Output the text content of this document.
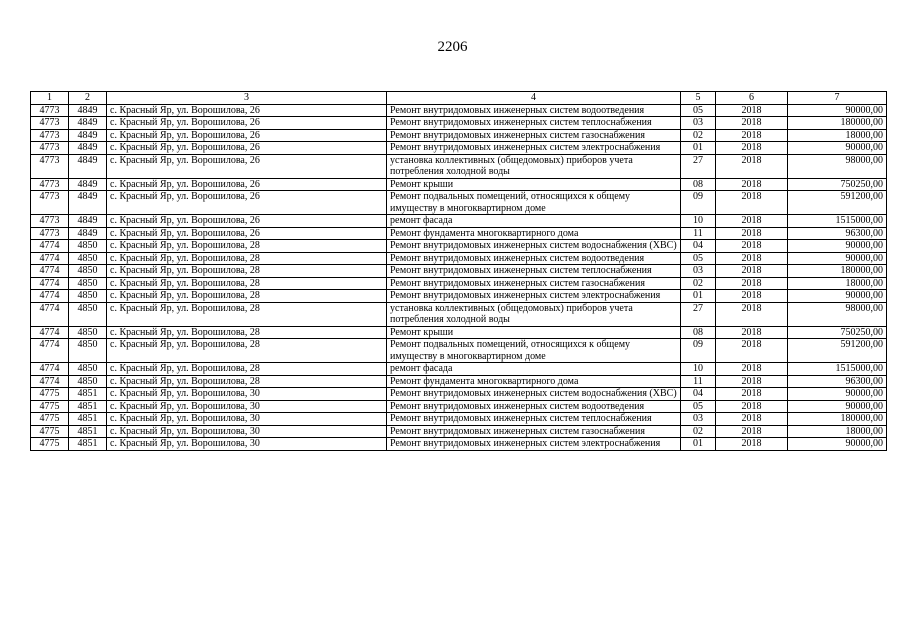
2206
1	2	3	4	5	6	7
4773	4849	с. Красный Яр, ул. Ворошилова, 26	Ремонт внутридомовых инженерных систем водоотведения	05	2018	90000,00
4773	4849	с. Красный Яр, ул. Ворошилова, 26	Ремонт внутридомовых инженерных систем теплоснабжения	03	2018	180000,00
4773	4849	с. Красный Яр, ул. Ворошилова, 26	Ремонт внутридомовых инженерных систем газоснабжения	02	2018	18000,00
4773	4849	с. Красный Яр, ул. Ворошилова, 26	Ремонт внутридомовых инженерных систем электроснабжения	01	2018	90000,00
4773	4849	с. Красный Яр, ул. Ворошилова, 26	установка коллективных (общедомовых) приборов учета потребления холодной воды	27	2018	98000,00
4773	4849	с. Красный Яр, ул. Ворошилова, 26	Ремонт крыши	08	2018	750250,00
4773	4849	с. Красный Яр, ул. Ворошилова, 26	Ремонт подвальных помещений, относящихся к общему имуществу в многоквартирном доме	09	2018	591200,00
4773	4849	с. Красный Яр, ул. Ворошилова, 26	ремонт фасада	10	2018	1515000,00
4773	4849	с. Красный Яр, ул. Ворошилова, 26	Ремонт фундамента многоквартирного дома	11	2018	96300,00
4774	4850	с. Красный Яр, ул. Ворошилова, 28	Ремонт внутридомовых инженерных систем водоснабжения (ХВС)	04	2018	90000,00
4774	4850	с. Красный Яр, ул. Ворошилова, 28	Ремонт внутридомовых инженерных систем водоотведения	05	2018	90000,00
4774	4850	с. Красный Яр, ул. Ворошилова, 28	Ремонт внутридомовых инженерных систем теплоснабжения	03	2018	180000,00
4774	4850	с. Красный Яр, ул. Ворошилова, 28	Ремонт внутридомовых инженерных систем газоснабжения	02	2018	18000,00
4774	4850	с. Красный Яр, ул. Ворошилова, 28	Ремонт внутридомовых инженерных систем электроснабжения	01	2018	90000,00
4774	4850	с. Красный Яр, ул. Ворошилова, 28	установка коллективных (общедомовых) приборов учета потребления холодной воды	27	2018	98000,00
4774	4850	с. Красный Яр, ул. Ворошилова, 28	Ремонт крыши	08	2018	750250,00
4774	4850	с. Красный Яр, ул. Ворошилова, 28	Ремонт подвальных помещений, относящихся к общему имуществу в многоквартирном доме	09	2018	591200,00
4774	4850	с. Красный Яр, ул. Ворошилова, 28	ремонт фасада	10	2018	1515000,00
4774	4850	с. Красный Яр, ул. Ворошилова, 28	Ремонт фундамента многоквартирного дома	11	2018	96300,00
4775	4851	с. Красный Яр, ул. Ворошилова, 30	Ремонт внутридомовых инженерных систем водоснабжения (ХВС)	04	2018	90000,00
4775	4851	с. Красный Яр, ул. Ворошилова, 30	Ремонт внутридомовых инженерных систем водоотведения	05	2018	90000,00
4775	4851	с. Красный Яр, ул. Ворошилова, 30	Ремонт внутридомовых инженерных систем теплоснабжения	03	2018	180000,00
4775	4851	с. Красный Яр, ул. Ворошилова, 30	Ремонт внутридомовых инженерных систем газоснабжения	02	2018	18000,00
4775	4851	с. Красный Яр, ул. Ворошилова, 30	Ремонт внутридомовых инженерных систем электроснабжения	01	2018	90000,00
